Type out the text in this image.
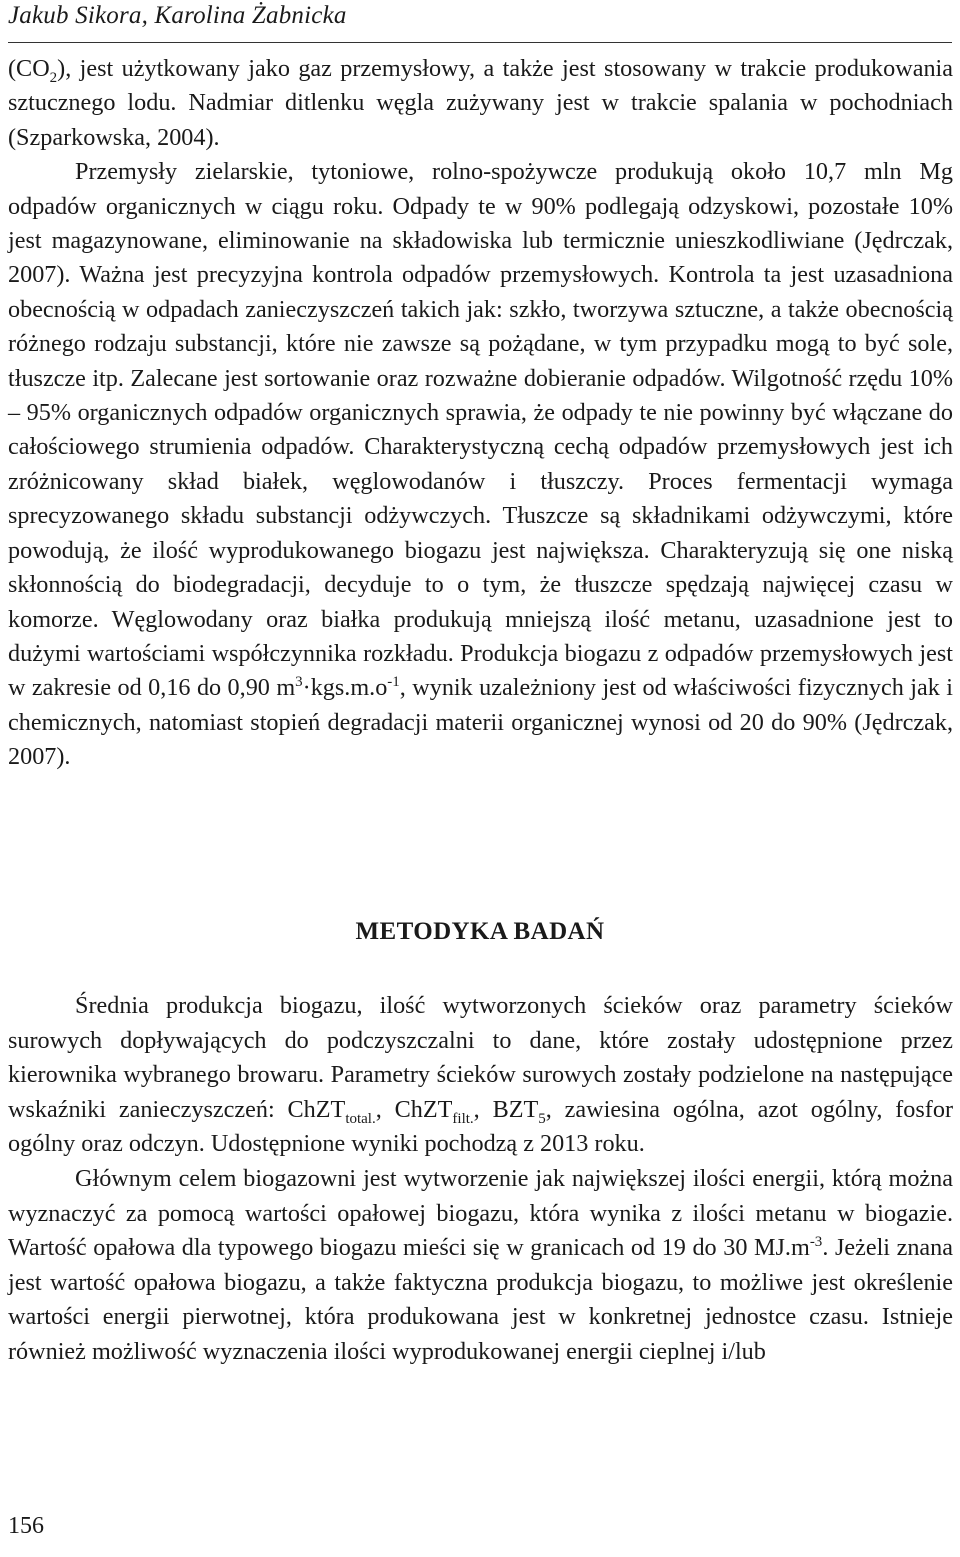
Jakub Sikora, Karolina Żabnicka

$(CO_2)$, jest użytkowany jako gaz przemysłowy, a także jest stosowany w trakcie produkowania sztucznego lodu. Nadmiar ditlenku węgla zużywany jest w trakcie spalania w pochodniach (Szparkowska, 2004).

Przemysły zielarskie, tytoniowe, rolno-spożywcze produkują około 10,7 mln Mg odpadów organicznych w ciągu roku. Odpady te w 90% podlegają odzyskowi, pozostałe 10% jest magazynowane, eliminowanie na składowiska lub termicznie unieszkodliwiane (Jędrczak, 2007). Ważna jest precyzyjna kontrola odpadów przemysłowych. Kontrola ta jest uzasadniona obecnością w odpadach zanieczyszczeń takich jak: szkło, tworzywa sztuczne, a także obecnością różnego rodzaju substancji, które nie zawsze są pożądane, w tym przypadku mogą to być sole, tłuszcze itp. Zalecane jest sortowanie oraz rozważne dobieranie odpadów. Wilgotność rzędu 10% – 95% organicznych odpadów organicznych sprawia, że odpady te nie powinny być włączane do całościowego strumienia odpadów. Charakterystyczną cechą odpadów przemysłowych jest ich zróżnicowany skład białek, węglowodanów i tłuszczy. Proces fermentacji wymaga sprecyzowanego składu substancji odżywczych. Tłuszcze są składnikami odżywczymi, które powodują, że ilość wyprodukowanego biogazu jest największa. Charakteryzują się one niską skłonnością do biodegradacji, decyduje to o tym, że tłuszcze spędzają najwięcej czasu w komorze. Węglowodany oraz białka produkują mniejszą ilość metanu, uzasadnione jest to dużymi wartościami współczynnika rozkładu. Produkcja biogazu z odpadów przemysłowych jest w zakresie od 0,16 do 0,90 $m^3\cdot kgs.m.o^{-1}$, wynik uzależniony jest od właściwości fizycznych jak i chemicznych, natomiast stopień degradacji materii organicznej wynosi od 20 do 90% (Jędrczak, 2007).

METODYKA BADAŃ

Średnia produkcja biogazu, ilość wytworzonych ścieków oraz parametry ścieków surowych dopływających do podczyszczalni to dane, które zostały udostępnione przez kierownika wybranego browaru. Parametry ścieków surowych zostały podzielone na następujące wskaźniki zanieczyszczeń: ChZT$_{total.}$, ChZT$_{filt.}$, $BZT_5$, zawiesina ogólna, azot ogólny, fosfor ogólny oraz odczyn. Udostępnione wyniki pochodzą z 2013 roku.

Głównym celem biogazowni jest wytworzenie jak największej ilości energii, którą można wyznaczyć za pomocą wartości opałowej biogazu, która wynika z ilości metanu w biogazie. Wartość opałowa dla typowego biogazu mieści się w granicach od 19 do 30 $MJ.m^{-3}$. Jeżeli znana jest wartość opałowa biogazu, a także faktyczna produkcja biogazu, to możliwe jest określenie wartości energii pierwotnej, która produkowana jest w konkretnej jednostce czasu. Istnieje również możliwość wyznaczenia ilości wyprodukowanej energii cieplnej i/lub

156
